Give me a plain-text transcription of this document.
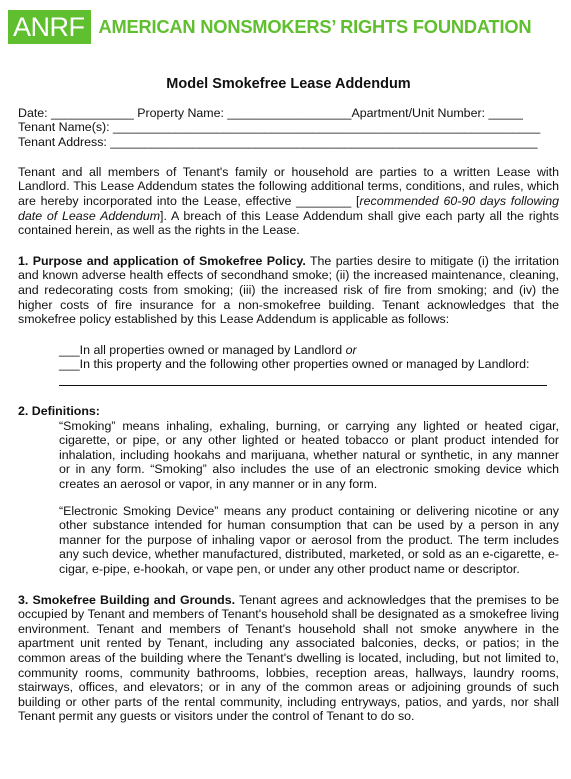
ANRF AMERICAN NONSMOKERS’ RIGHTS FOUNDATION
Model Smokefree Lease Addendum
Date: ____________ Property Name: __________________Apartment/Unit Number: _____
Tenant Name(s): ______________________________________________________________
Tenant Address: ______________________________________________________________

Tenant and all members of Tenant's family or household are parties to a written Lease with Landlord. This Lease Addendum states the following additional terms, conditions, and rules, which are hereby incorporated into the Lease, effective ________ [recommended 60-90 days following date of Lease Addendum]. A breach of this Lease Addendum shall give each party all the rights contained herein, as well as the rights in the Lease.

1. Purpose and application of Smokefree Policy. The parties desire to mitigate (i) the irritation and known adverse health effects of secondhand smoke; (ii) the increased maintenance, cleaning, and redecorating costs from smoking; (iii) the increased risk of fire from smoking; and (iv) the higher costs of fire insurance for a non-smokefree building. Tenant acknowledges that the smokefree policy established by this Lease Addendum is applicable as follows:

___In all properties owned or managed by Landlord or
___In this property and the following other properties owned or managed by Landlord:

2. Definitions:

“Smoking” means inhaling, exhaling, burning, or carrying any lighted or heated cigar, cigarette, or pipe, or any other lighted or heated tobacco or plant product intended for inhalation, including hookahs and marijuana, whether natural or synthetic, in any manner or in any form. “Smoking” also includes the use of an electronic smoking device which creates an aerosol or vapor, in any manner or in any form.

“Electronic Smoking Device” means any product containing or delivering nicotine or any other substance intended for human consumption that can be used by a person in any manner for the purpose of inhaling vapor or aerosol from the product. The term includes any such device, whether manufactured, distributed, marketed, or sold as an e-cigarette, e-cigar, e-pipe, e-hookah, or vape pen, or under any other product name or descriptor.

3. Smokefree Building and Grounds. Tenant agrees and acknowledges that the premises to be occupied by Tenant and members of Tenant's household shall be designated as a smokefree living environment. Tenant and members of Tenant's household shall not smoke anywhere in the apartment unit rented by Tenant, including any associated balconies, decks, or patios; in the common areas of the building where the Tenant's dwelling is located, including, but not limited to, community rooms, community bathrooms, lobbies, reception areas, hallways, laundry rooms, stairways, offices, and elevators; or in any of the common areas or adjoining grounds of such building or other parts of the rental community, including entryways, patios, and yards, nor shall Tenant permit any guests or visitors under the control of Tenant to do so.
